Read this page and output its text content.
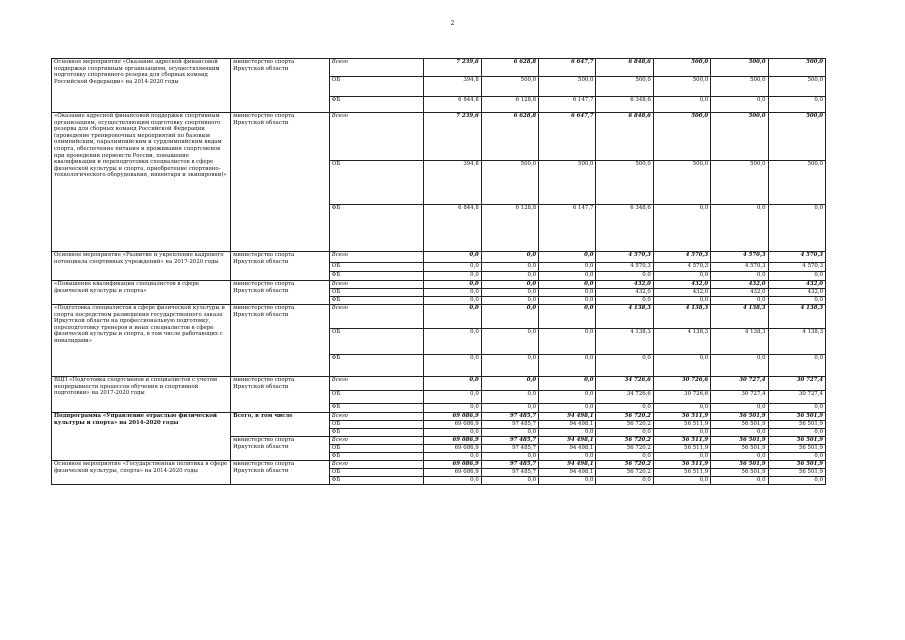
2
Основное мероприятие «Оказание адресной финансовой поддержки спортивным организациям, осуществляющим подготовку спортивного резерва для сборных команд Российской Федерации» на 2014-2020 годы	министерство спорта Иркутской области	Всего	7 239,6	6 628,8	6 647,7	6 848,6	500,0	500,0	500,0
		ОБ	394,8	500,0	500,0	500,0	500,0	500,0	500,0
		ФБ	6 844,8	6 128,8	6 147,7	6 348,6	0,0	0,0	0,0
«Оказание адресной финансовой поддержки спортивным организациям, осуществляющим подготовку спортивного резерва для сборных команд Российской Федерации (проведение тренировочных мероприятий по базовым олимпийским, паралимпийским и сурдлимпийским видам спорта, обеспечение питания и проживания спортсменов при проведении первенств России, повышение квалификации и переподготовки специалистов в сфере физической культуры и спорта, приобретение спортивно-технологического оборудования, инвентаря и экипировки)»	министерство спорта Иркутской области	Всего	7 239,6	6 628,8	6 647,7	6 848,6	500,0	500,0	500,0
		ОБ	394,8	500,0	500,0	500,0	500,0	500,0	500,0
		ФБ	6 844,8	6 128,8	6 147,7	6 348,6	0,0	0,0	0,0
Основное мероприятие «Развитие и укрепление кадрового потенциала спортивных учреждений» на 2017-2020 годы	министерство спорта Иркутской области	Всего	0,0	0,0	0,0	4 570,3	4 570,3	4 570,3	4 570,3
		ОБ	0,0	0,0	0,0	4 570,3	4 570,3	4 570,3	4 570,3
		ФБ	0,0	0,0	0,0	0,0	0,0	0,0	0,0
«Повышение квалификации специалистов в сфере физической культуры и спорта»	министерство спорта Иркутской области	Всего	0,0	0,0	0,0	432,0	432,0	432,0	432,0
		ОБ	0,0	0,0	0,0	432,0	432,0	432,0	432,0
		ФБ	0,0	0,0	0,0	0,0	0,0	0,0	0,0
«Подготовка специалистов в сфере физической культуры и спорта посредством размещения государственного заказа Иркутской области на профессиональную подготовку, переподготовку тренеров и иных специалистов в сфере физической культуры и спорта, в том числе работающих с инвалидами»	министерство спорта Иркутской области	Всего	0,0	0,0	0,0	4 138,3	4 138,3	4 138,3	4 138,3
		ОБ	0,0	0,0	0,0	4 138,3	4 138,3	4 138,3	4 138,3
		ФБ	0,0	0,0	0,0	0,0	0,0	0,0	0,0
ВЦП «Подготовка спортсменов и специалистов с учетом непрерывности процессов обучения и спортивной подготовки» на 2017-2020 годы	министерство спорта Иркутской области	Всего	0,0	0,0	0,0	34 726,6	30 726,6	30 727,4	30 727,4
		ОБ	0,0	0,0	0,0	34 726,6	30 726,6	30 727,4	30 727,4
		ФБ	0,0	0,0	0,0	0,0	0,0	0,0	0,0
Подпрограмма «Управление отраслью физической культуры и спорта» на 2014-2020 годы	Всего, в том числе	Всего	69 086,9	97 485,7	94 498,1	56 720,2	56 511,9	56 501,9	56 501,9
		ОБ	69 086,9	97 485,7	94 498,1	56 720,2	56 511,9	56 501,9	56 501,9
		ФБ	0,0	0,0	0,0	0,0	0,0	0,0	0,0
	министерство спорта Иркутской области	Всего	69 086,9	97 485,7	94 498,1	56 720,2	56 511,9	56 501,9	56 501,9
		ОБ	69 086,9	97 485,7	94 498,1	56 720,2	56 511,9	56 501,9	56 501,9
		ФБ	0,0	0,0	0,0	0,0	0,0	0,0	0,0
Основное мероприятие «Государственная политика в сфере физической культуры, спорта» на 2014-2020 годы	министерство спорта Иркутской области	Всего	69 086,9	97 485,7	94 498,1	56 720,2	56 511,9	56 501,9	56 501,9
		ОБ	69 086,9	97 485,7	94 498,1	56 720,2	56 511,9	56 501,9	56 501,9
		ФБ	0,0	0,0	0,0	0,0	0,0	0,0	0,0
